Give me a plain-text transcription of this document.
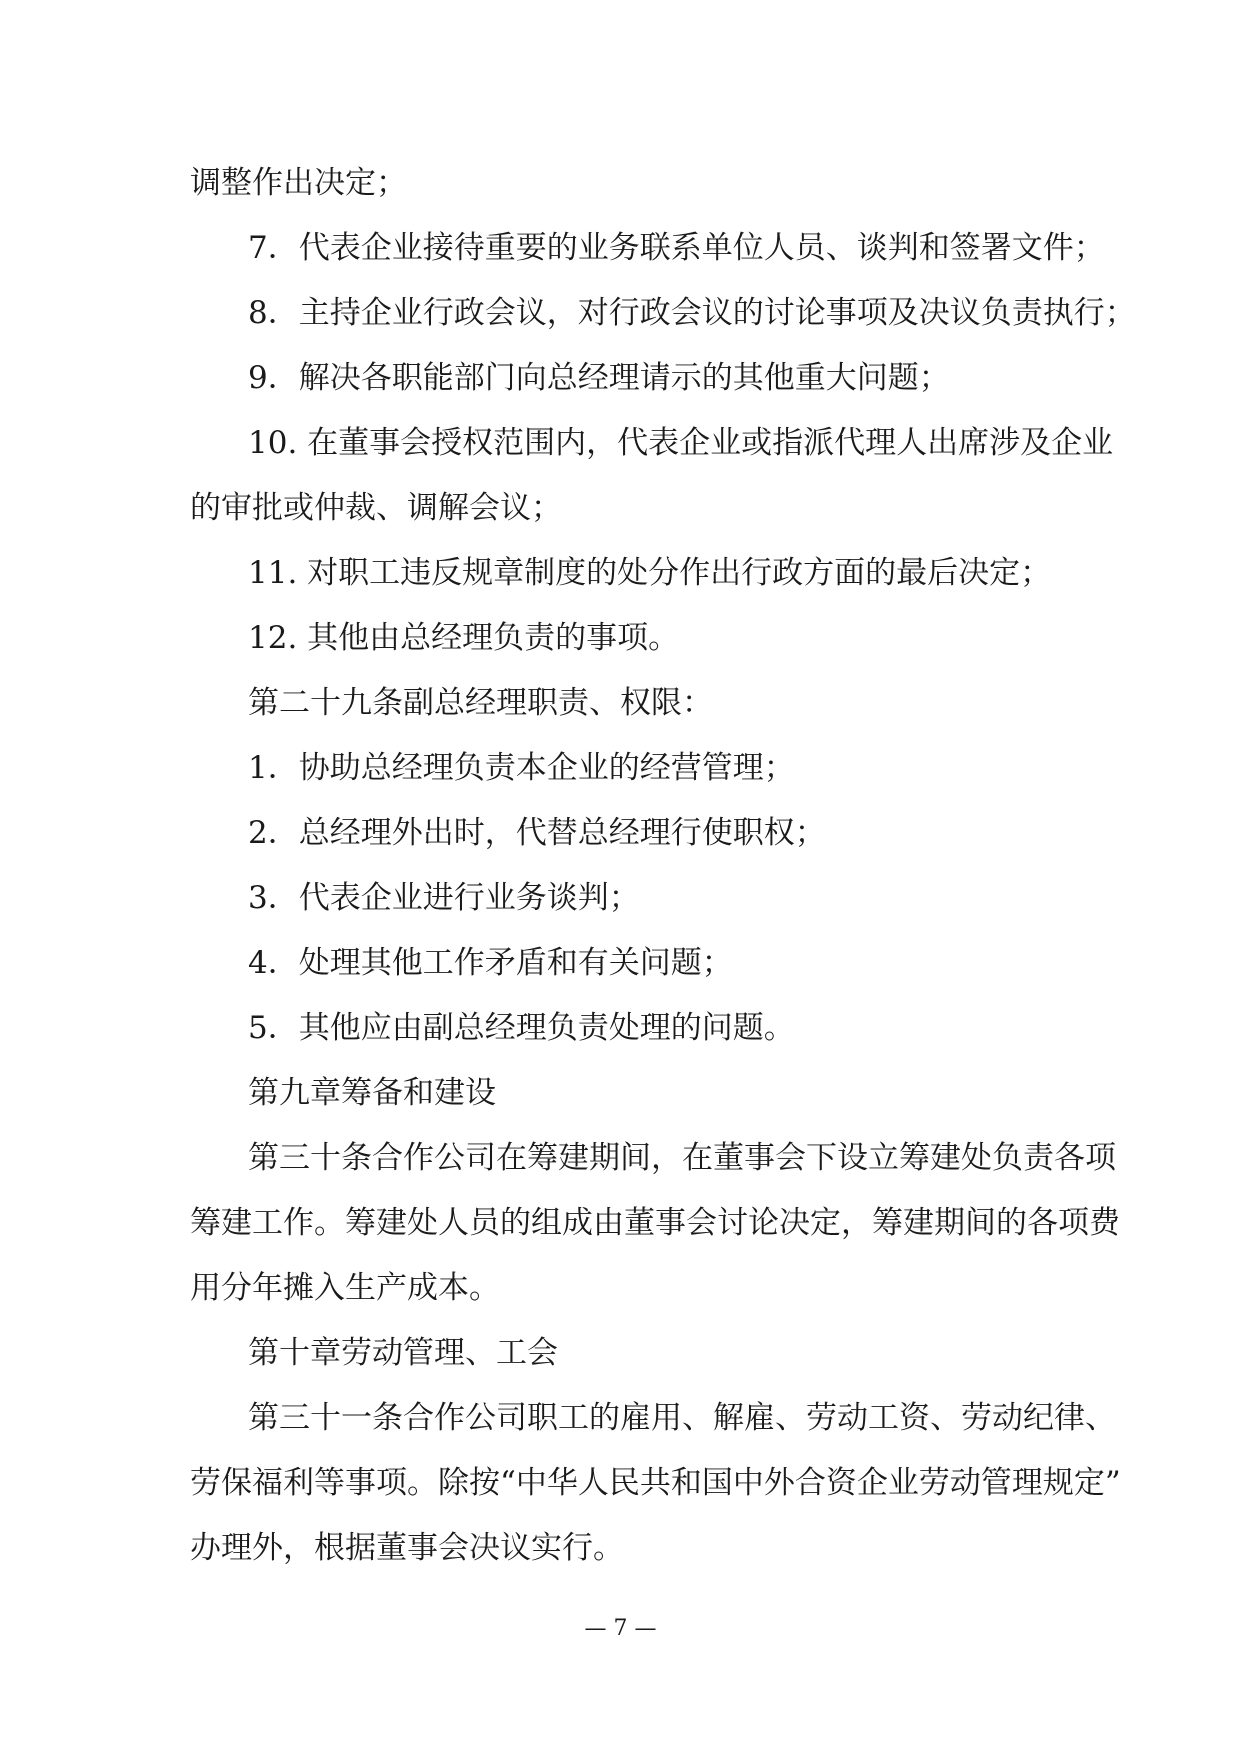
调整作出决定；

7．代表企业接待重要的业务联系单位人员、谈判和签署文件；

8．主持企业行政会议，对行政会议的讨论事项及决议负责执行；

9．解决各职能部门向总经理请示的其他重大问题；

10. 在董事会授权范围内，代表企业或指派代理人出席涉及企业

的审批或仲裁、调解会议；

11. 对职工违反规章制度的处分作出行政方面的最后决定；

12. 其他由总经理负责的事项。

第二十九条副总经理职责、权限：

1．协助总经理负责本企业的经营管理；

2．总经理外出时，代替总经理行使职权；

3．代表企业进行业务谈判；

4．处理其他工作矛盾和有关问题；

5．其他应由副总经理负责处理的问题。

第九章筹备和建设

第三十条合作公司在筹建期间，在董事会下设立筹建处负责各项

筹建工作。筹建处人员的组成由董事会讨论决定，筹建期间的各项费

用分年摊入生产成本。

第十章劳动管理、工会

第三十一条合作公司职工的雇用、解雇、劳动工资、劳动纪律、

劳保福利等事项。除按“中华人民共和国中外合资企业劳动管理规定”

办理外，根据董事会决议实行。

— 7 —
